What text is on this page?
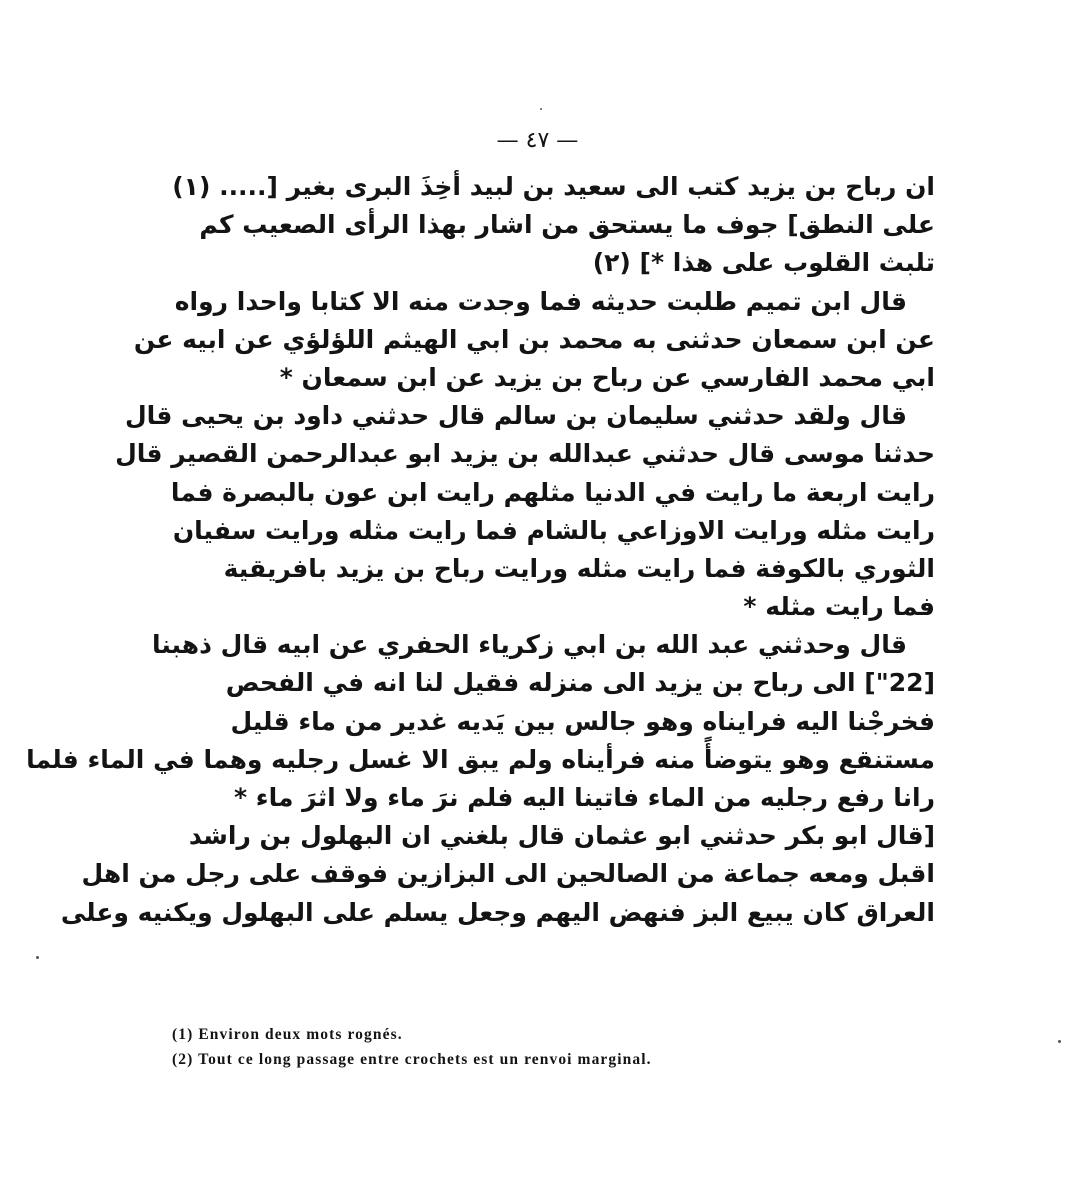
— ٤٧ —
ان رباح بن يزيد كتب الى سعيد بن لبيد أخِذَ البرى بغير [..... (١)
على النطق] جوف ما يستحق من اشار بهذا الرأى الصعيب كم
تلبث القلوب على هذا *] (٢)
قال ابن تميم طلبت حديثه فما وجدت منه الا كتابا واحدا رواه
عن ابن سمعان حدثنى به محمد بن ابي الهيثم اللؤلؤي عن ابيه عن
ابي محمد الفارسي عن رباح بن يزيد عن ابن سمعان *
قال ولقد حدثني سليمان بن سالم قال حدثني داود بن يحيى قال
حدثنا موسى قال حدثني عبدالله بن يزيد ابو عبدالرحمن القصير قال
رايت اربعة ما رايت في الدنيا مثلهم رايت ابن عون بالبصرة فما
رايت مثله ورايت الاوزاعي بالشام فما رايت مثله ورايت سفيان
الثوري بالكوفة فما رايت مثله ورايت رباح بن يزيد بافريقية
فما رايت مثله *
قال وحدثني عبد الله بن ابي زكرياء الحفري عن ابيه قال ذهبنا
[22"] الى رباح بن يزيد الى منزله فقيل لنا انه في الفحص
فخرجْنا اليه فرايناه وهو جالس بين يَديه غدير من ماء قليل
مستنقع وهو يتوضأً منه فرأيناه ولم يبق الا غسل رجليه وهما في الماء فلما
رانا رفع رجليه من الماء فاتينا اليه فلم نرَ ماء ولا اثرَ ماء *
[قال ابو بكر حدثني ابو عثمان قال بلغني ان البهلول بن راشد
اقبل ومعه جماعة من الصالحين الى البزازين فوقف على رجل من اهل
العراق كان يبيع البز فنهض اليهم وجعل يسلم على البهلول ويكنيه وعلى
(1) Environ deux mots rognés.
(2) Tout ce long passage entre crochets est un renvoi marginal.
